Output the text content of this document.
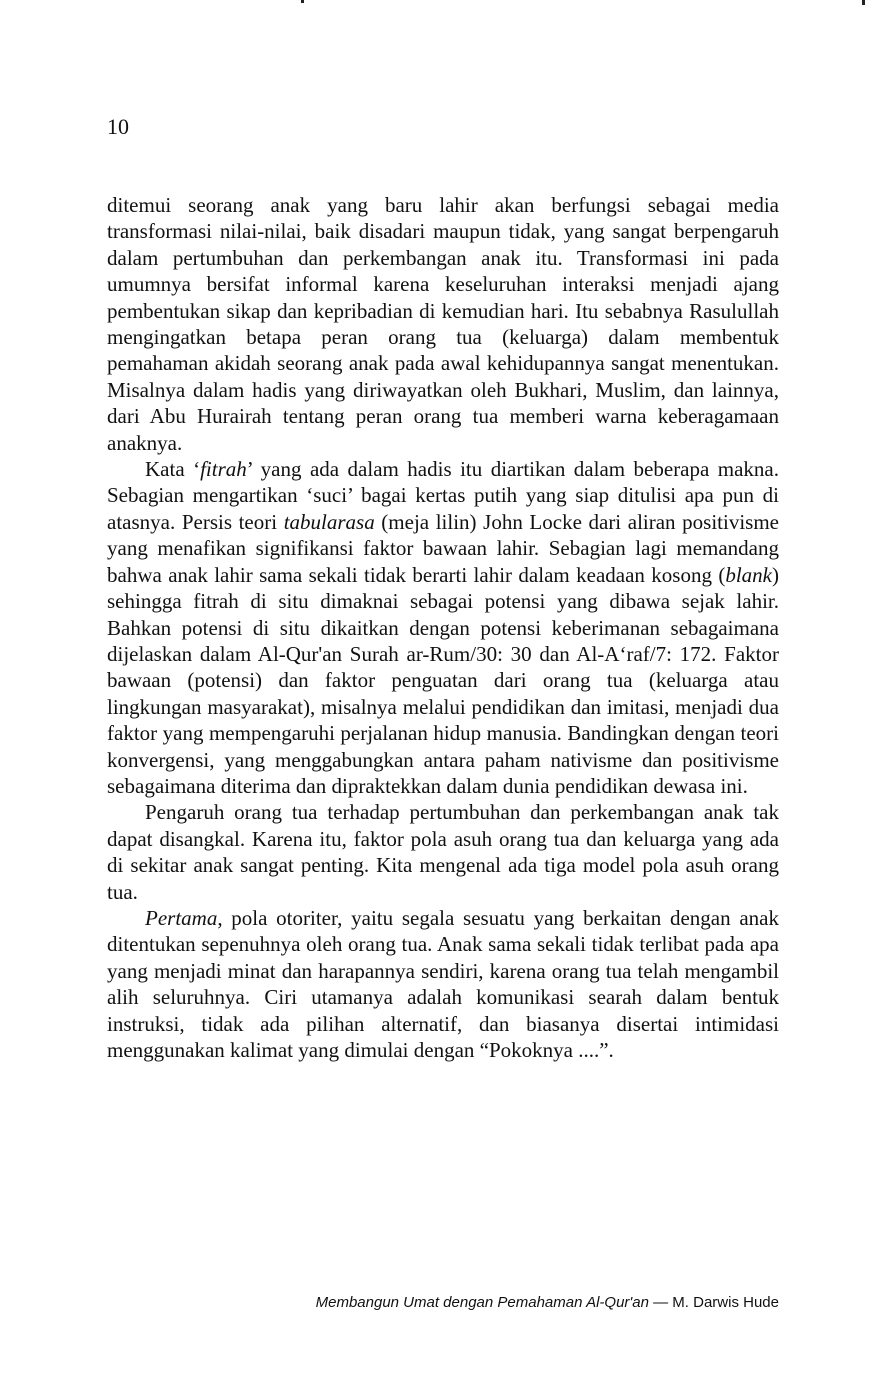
10

ditemui seorang anak yang baru lahir akan berfungsi sebagai media transformasi nilai-nilai, baik disadari maupun tidak, yang sangat berpengaruh dalam pertumbuhan dan perkembangan anak itu. Transformasi ini pada umumnya bersifat informal karena keseluruhan interaksi menjadi ajang pembentukan sikap dan kepribadian di kemudian hari. Itu sebabnya Rasulullah mengingatkan betapa peran orang tua (keluarga) dalam membentuk pemahaman akidah seorang anak pada awal kehidupannya sangat menentukan. Misalnya dalam hadis yang diriwayatkan oleh Bukhari, Muslim, dan lainnya, dari Abu Hurairah tentang peran orang tua memberi warna keberagamaan anaknya.

Kata ‘fitrah’ yang ada dalam hadis itu diartikan dalam beberapa makna. Sebagian mengartikan ‘suci’ bagai kertas putih yang siap ditulisi apa pun di atasnya. Persis teori tabularasa (meja lilin) John Locke dari aliran positivisme yang menafikan signifikansi faktor bawaan lahir. Sebagian lagi memandang bahwa anak lahir sama sekali tidak berarti lahir dalam keadaan kosong (blank) sehingga fitrah di situ dimaknai sebagai potensi yang dibawa sejak lahir. Bahkan potensi di situ dikaitkan dengan potensi keberimanan sebagaimana dijelaskan dalam Al-Qur'an Surah ar-Rum/30: 30 dan Al-A‘raf/7: 172. Faktor bawaan (potensi) dan faktor penguatan dari orang tua (keluarga atau lingkungan masyarakat), misalnya melalui pendidikan dan imitasi, menjadi dua faktor yang mempengaruhi perjalanan hidup manusia. Bandingkan dengan teori konvergensi, yang menggabungkan antara paham nativisme dan positivisme sebagaimana diterima dan dipraktekkan dalam dunia pendidikan dewasa ini.

Pengaruh orang tua terhadap pertumbuhan dan perkembangan anak tak dapat disangkal. Karena itu, faktor pola asuh orang tua dan keluarga yang ada di sekitar anak sangat penting. Kita mengenal ada tiga model pola asuh orang tua.

Pertama, pola otoriter, yaitu segala sesuatu yang berkaitan dengan anak ditentukan sepenuhnya oleh orang tua. Anak sama sekali tidak terlibat pada apa yang menjadi minat dan harapannya sendiri, karena orang tua telah mengambil alih seluruhnya. Ciri utamanya adalah komunikasi searah dalam bentuk instruksi, tidak ada pilihan alternatif, dan biasanya disertai intimidasi menggunakan kalimat yang dimulai dengan “Pokoknya ....”.

Membangun Umat dengan Pemahaman Al-Qur'an — M. Darwis Hude
